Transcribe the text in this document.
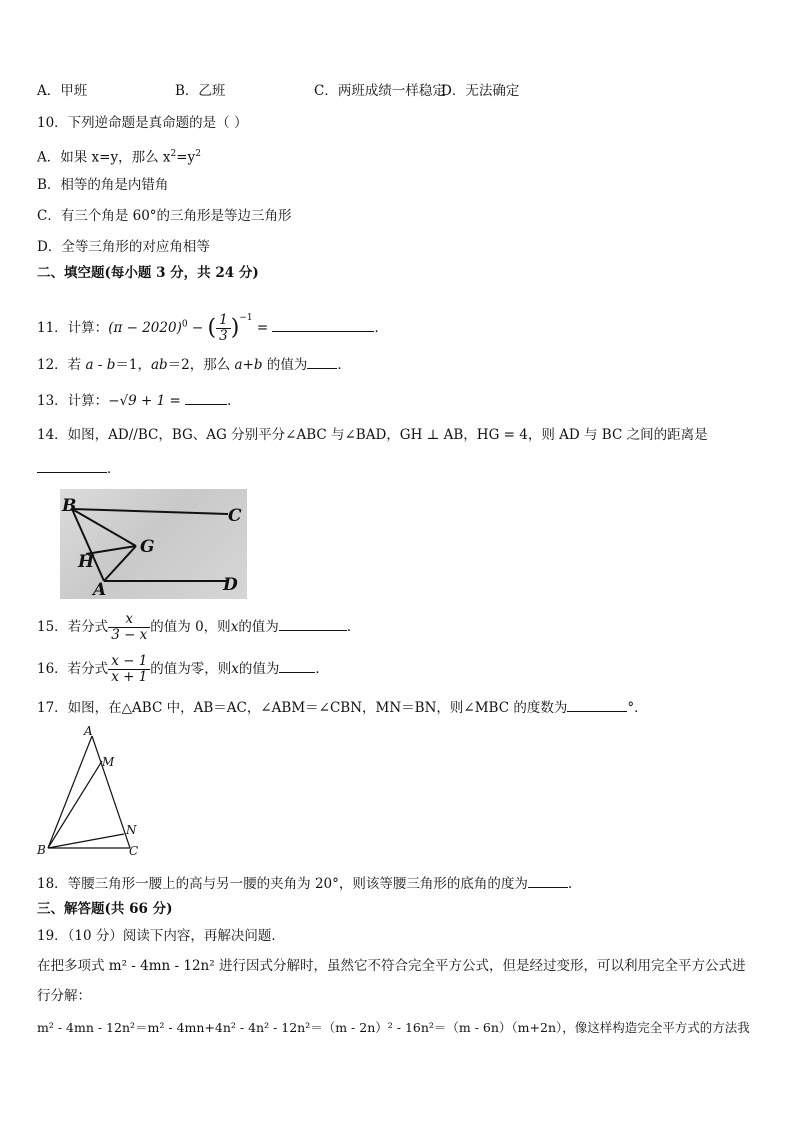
A．甲班	B．乙班	C．两班成绩一样稳定
D．无法确定
10．下列逆命题是真命题的是（ ）
A．如果 x=y，那么 $x^2=y^2$
B．相等的角是内错角
C．有三个角是 60°的三角形是等边三角形
D．全等三角形的对应角相等
二、填空题(每小题 3 分，共 24 分)
11．计算：$(\pi - 2020)^0$ − ( $\frac{1}{3} )^{-1}$ =	．
12．若 a - b＝1，ab＝2，那么 a+b 的值为 ．
13．计算：−√9 + 1 =	．
14．如图，AD//BC，BG、AG 分别平分∠ABC 与∠BAD，GH ⊥ AB，HG = 4，则 AD 与 BC 之间的距离是
．
B	C
G
H
A	D
15．若分式 $\frac{x}{3 - x}$ 的值为 0，则x的值为	．
16．若分式 $\frac{x - 1}{x + 1}$ 的值为零，则x的值为	．
17．如图，在△ABC 中，AB＝AC，∠ABM＝∠CBN，MN＝BN，则∠MBC 的度数为	°．
A
M
N
B	C
18．等腰三角形一腰上的高与另一腰的夹角为 20°，则该等腰三角形的底角的度为	.
三、解答题(共 66 分)
19．（10 分）阅读下内容，再解决问题．
在把多项式 m² - 4mn - 12n² 进行因式分解时，虽然它不符合完全平方公式，但是经过变形，可以利用完全平方公式进
行分解：
m² - 4mn - 12n²＝m² - 4mn+4n² - 4n² - 12n²＝（m - 2n）² - 16n²＝（m - 6n）（m+2n），像这样构造完全平方式的方法我
